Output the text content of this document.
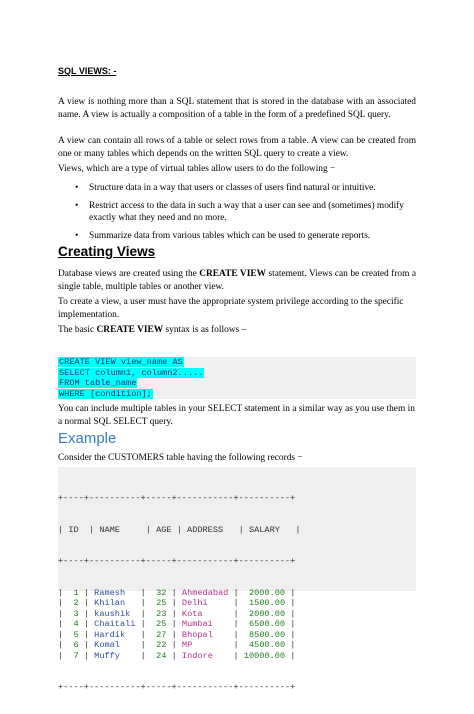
SQL VIEWS: -

A view is nothing more than a SQL statement that is stored in the database with an associated name. A view is actually a composition of a table in the form of a predefined SQL query.

A view can contain all rows of a table or select rows from a table. A view can be created from one or many tables which depends on the written SQL query to create a view.

Views, which are a type of virtual tables allow users to do the following −

• Structure data in a way that users or classes of users find natural or intuitive.
• Restrict access to the data in such a way that a user can see and (sometimes) modify exactly what they need and no more.
• Summarize data from various tables which can be used to generate reports.
Creating Views

Database views are created using the CREATE VIEW statement. Views can be created from a single table, multiple tables or another view.

To create a view, a user must have the appropriate system privilege according to the specific implementation.

The basic CREATE VIEW syntax is as follows –

CREATE VIEW view_name AS
SELECT column1, column2.....
FROM table_name
WHERE [condition];

You can include multiple tables in your SELECT statement in a similar way as you use them in a normal SQL SELECT query.

Example

Consider the CUSTOMERS table having the following records −

+----+----------+-----+-----------+----------+

| ID  | NAME     | AGE | ADDRESS   | SALARY   |

+----+----------+-----+-----------+----------+

|  1 | Ramesh   |  32 | Ahmedabad |  2000.00 |
|  2 | Khilan   |  25 | Delhi     |  1500.00 |
|  3 | kaushik  |  23 | Kota	|  2000.00 |
|  4 | Chaitali |  25 | Mumbai    |  6500.00 |
|  5 | Hardik   |  27 | Bhopal    |  8500.00 |
|  6 | Komal    |  22 | MP	|  4500.00 |
|  7 | Muffy    |  24 | Indore    | 10000.00 |

+----+----------+-----+-----------+----------+
